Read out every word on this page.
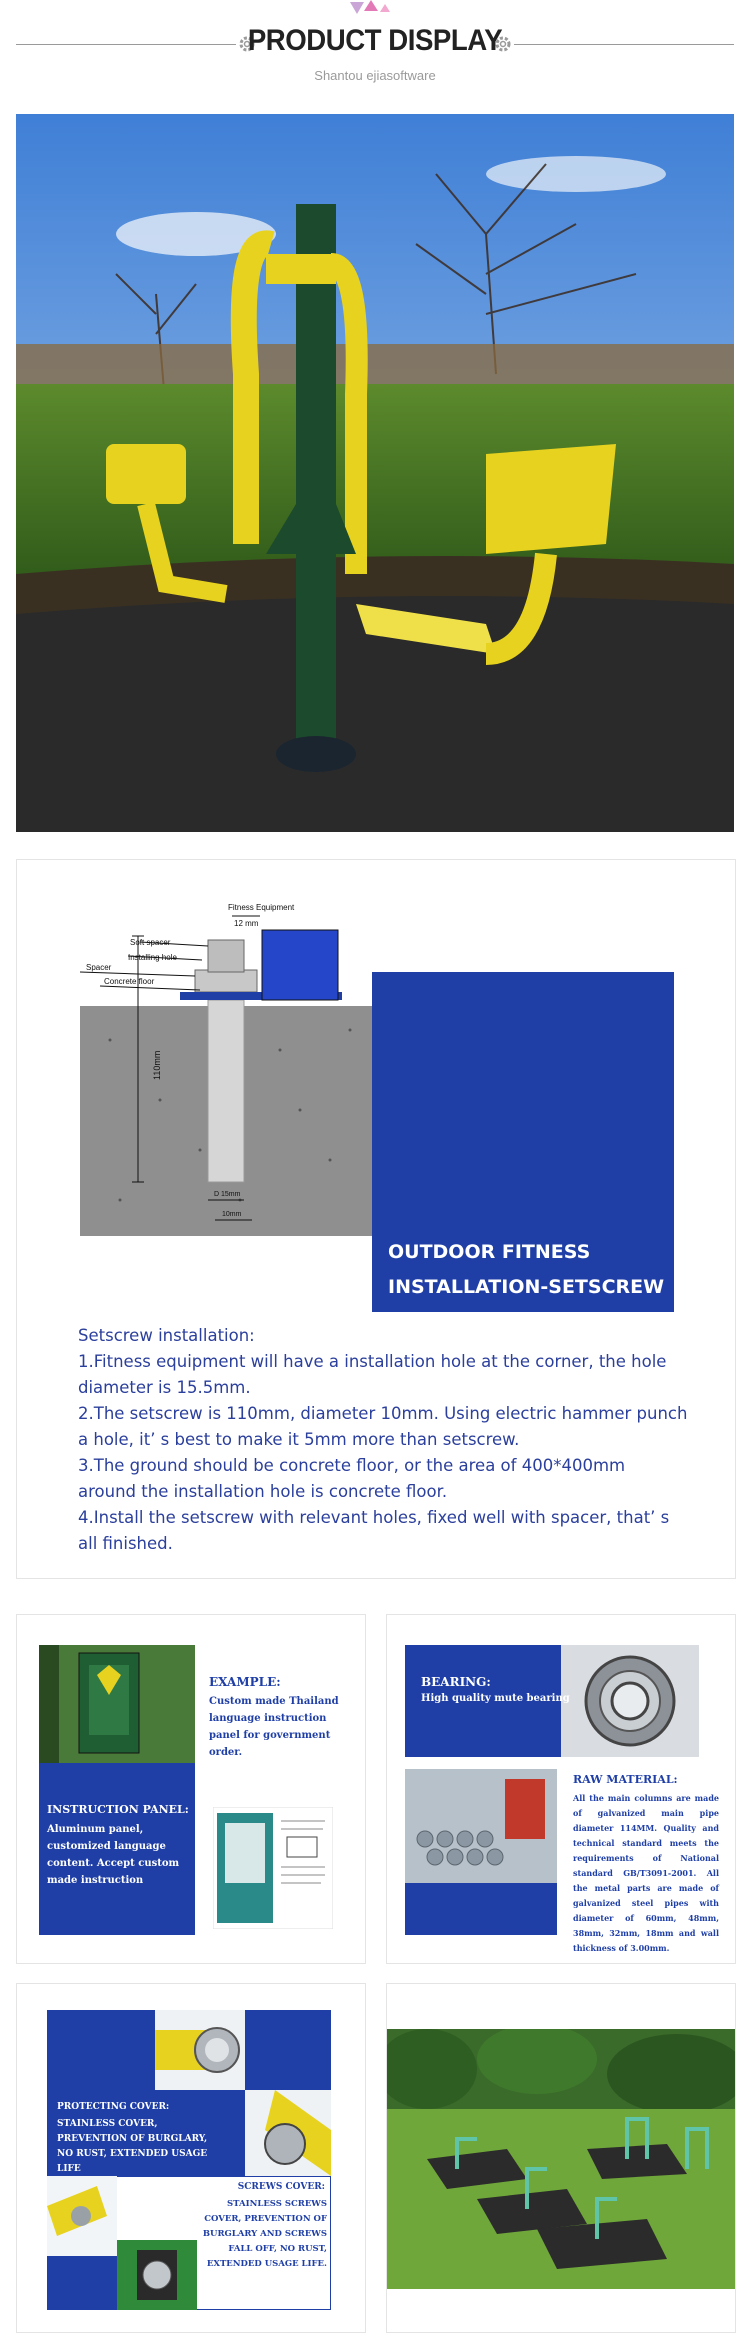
PRODUCT DISPLAY
Shantou ejiasoftware
Fitness Equipment
12 mm
Soft spacer
Installing hole
Spacer
Concrete floor
110mm
D 15mm
10mm
OUTDOOR FITNESS
INSTALLATION-SETSCREW

Setscrew installation:

1.Fitness equipment will have a installation hole at the corner, the hole diameter is 15.5mm.

2.The setscrew is 110mm, diameter 10mm. Using electric hammer punch a hole, it’ s best to make it 5mm more than setscrew.

3.The ground should be concrete floor, or the area of 400*400mm around the installation hole is concrete floor.

4.Install the setscrew with relevant holes, fixed well with spacer, that’ s all finished.

EXAMPLE:
Custom made Thailand language instruction panel for government order.
INSTRUCTION PANEL:
Aluminum panel, customized language content. Accept custom made instruction
BEARING:
High quality mute bearing
RAW MATERIAL:
All the main columns are made of galvanized main pipe diameter 114MM. Quality and technical standard meets the requirements of National standard GB/T3091-2001. All the metal parts are made of galvanized steel pipes with diameter of 60mm, 48mm, 38mm, 32mm, 18mm and wall thickness of 3.00mm.
PROTECTING COVER:
STAINLESS COVER, PREVENTION OF BURGLARY, NO RUST, EXTENDED USAGE LIFE
SCREWS COVER:
STAINLESS SCREWS COVER, PREVENTION OF BURGLARY AND SCREWS FALL OFF, NO RUST, EXTENDED USAGE LIFE.
